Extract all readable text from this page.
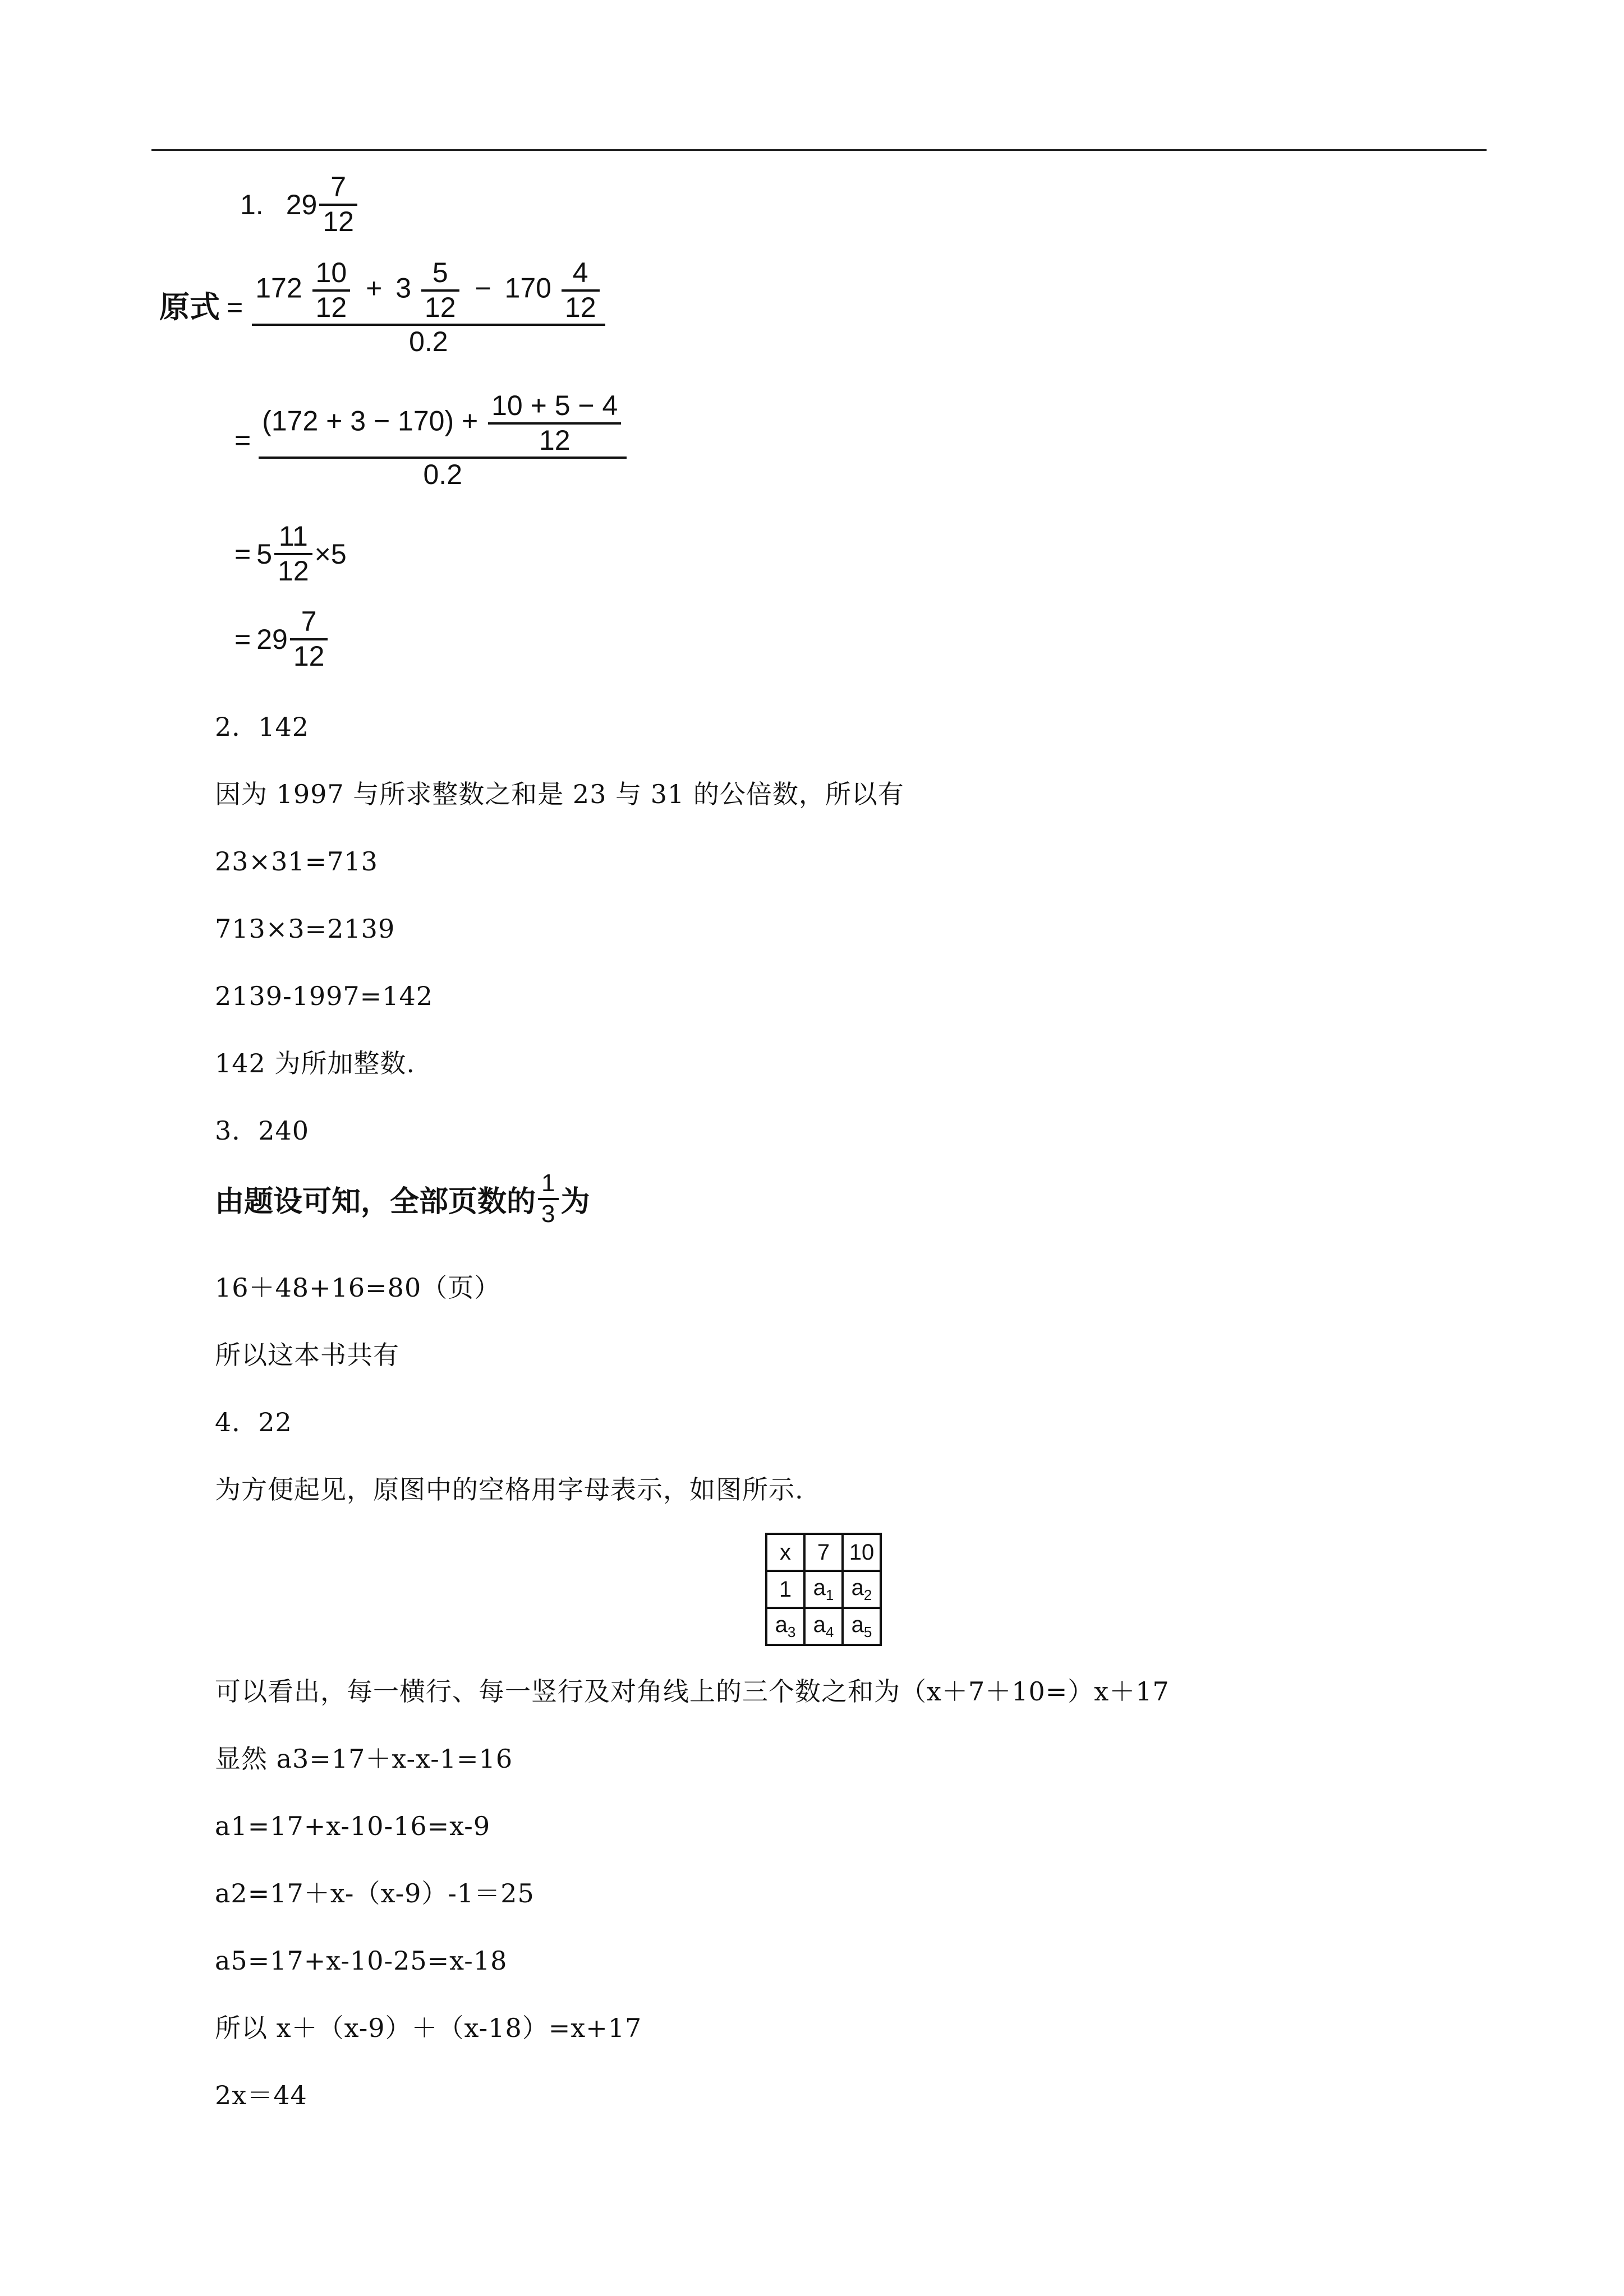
1. $29 \frac{7}{12}$
原式 =
$172 \frac{10}{12} + 3 \frac{5}{12} - 170 \frac{4}{12}$
0.2
= $\frac{(172 + 3 - 170) + \frac{10 + 5 - 4}{12}}{0.2}$
= $5 \frac{11}{12} \times 5$
= $29 \frac{7}{12}$
2．142
因为 1997 与所求整数之和是 23 与 31 的公倍数，所以有
23×31=713
713×3=2139
2139-1997=142
142 为所加整数.
3．240
由题设可知，全部页数的 $\frac{1}{3}$ 为
16＋48+16=80（页）
所以这本书共有
4．22
为方便起见，原图中的空格用字母表示，如图所示.
x	7	10
1	$a_1$	$a_2$
$a_3$	$a_4$	$a_5$
可以看出，每一横行、每一竖行及对角线上的三个数之和为（x＋7＋10=）x＋17
显然 a3=17＋x-x-1=16
a1=17+x-10-16=x-9
a2=17＋x-（x-9）-1＝25
a5=17+x-10-25=x-18
所以 x＋（x-9）＋（x-18）=x+17
2x＝44
